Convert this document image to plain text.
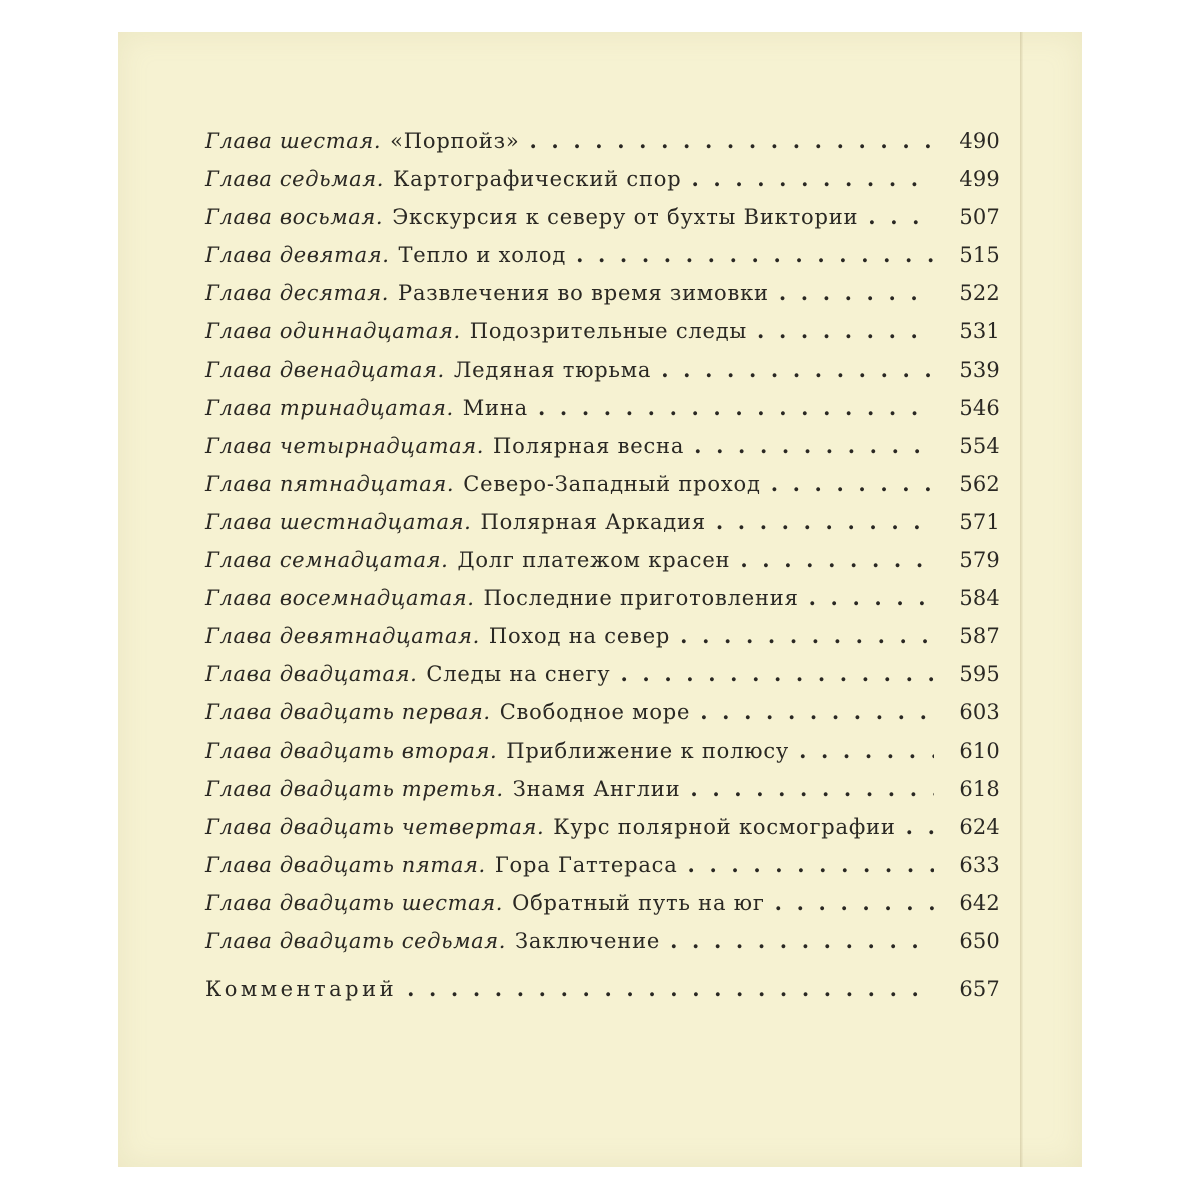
Глава шестая. «Порпойз» . .	490
Глава седьмая. Картографический спор . .	499
Глава восьмая. Экскурсия к северу от бухты Виктории . .	507
Глава девятая. Тепло и холод . .	515
Глава десятая. Развлечения во время зимовки . .	522
Глава одиннадцатая. Подозрительные следы . .	531
Глава двенадцатая. Ледяная тюрьма . .	539
Глава тринадцатая. Мина . .	546
Глава четырнадцатая. Полярная весна . .	554
Глава пятнадцатая. Северо-Западный проход . .	562
Глава шестнадцатая. Полярная Аркадия . .	571
Глава семнадцатая. Долг платежом красен . .	579
Глава восемнадцатая. Последние приготовления . .	584
Глава девятнадцатая. Поход на север . .	587
Глава двадцатая. Следы на снегу . .	595
Глава двадцать первая. Свободное море . .	603
Глава двадцать вторая. Приближение к полюсу . .	610
Глава двадцать третья. Знамя Англии . .	618
Глава двадцать четвертая. Курс полярной космографии . .	624
Глава двадцать пятая. Гора Гаттераса . .	633
Глава двадцать шестая. Обратный путь на юг . .	642
Глава двадцать седьмая. Заключение . .	650
Комментарий . .	657
